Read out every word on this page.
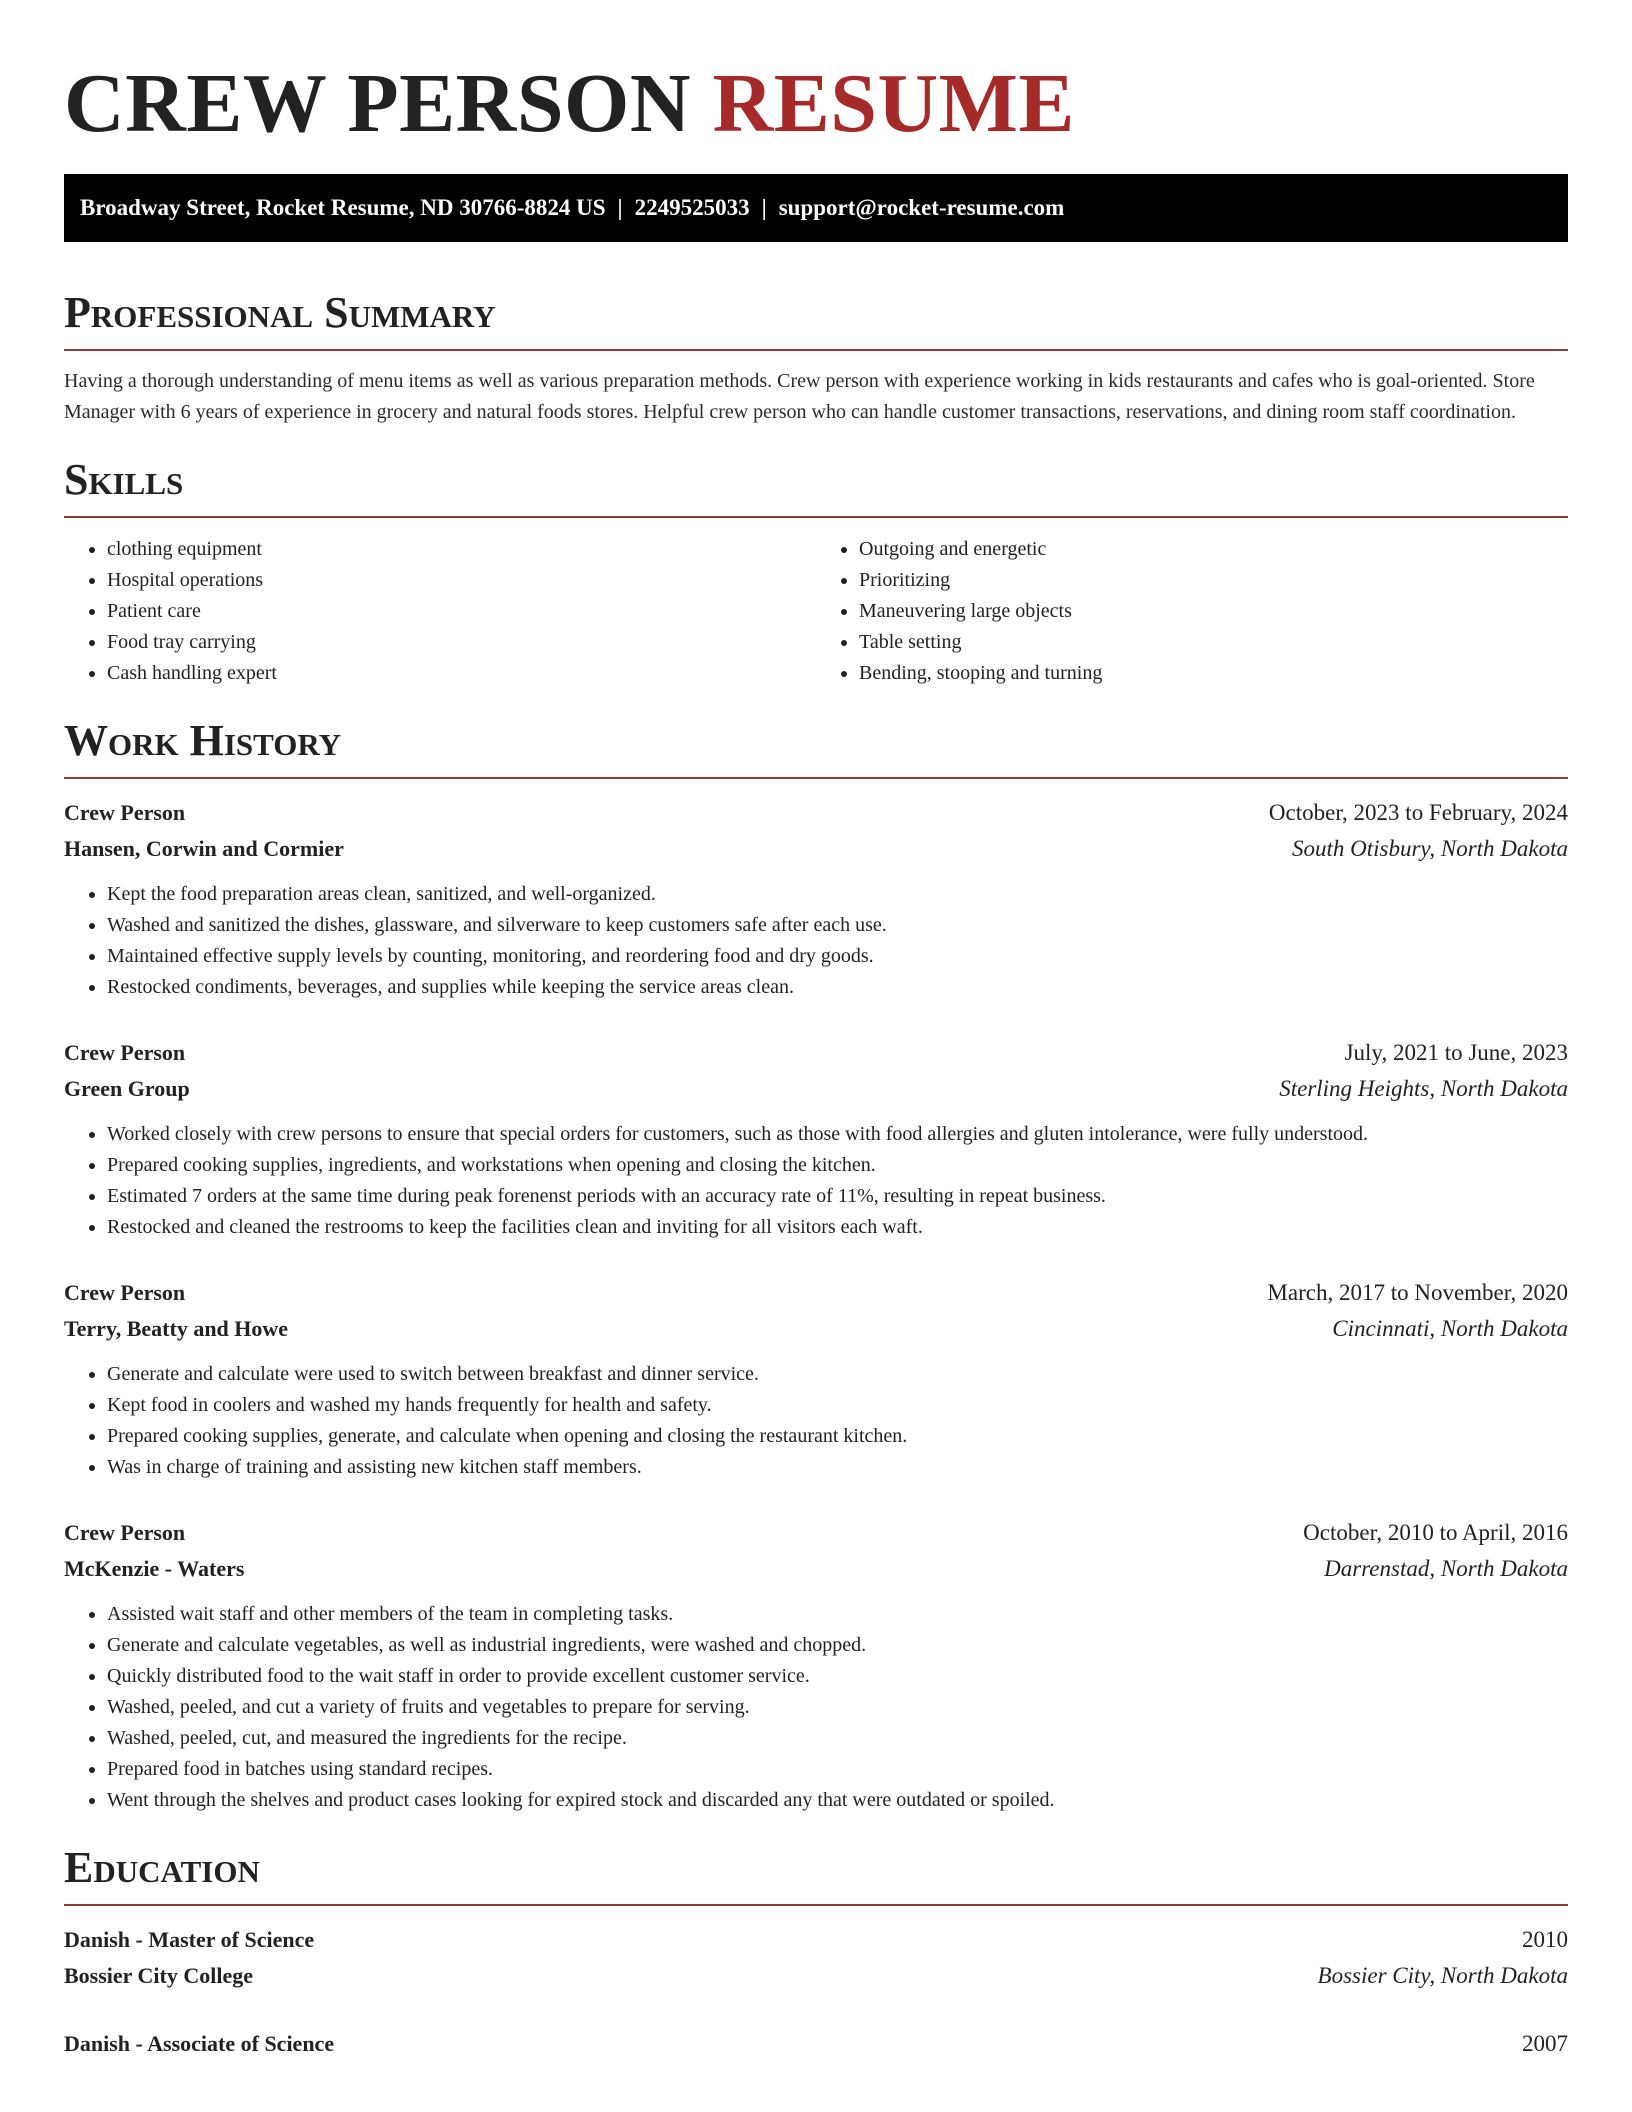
CREW PERSON RESUME
Broadway Street, Rocket Resume, ND 30766-8824 US | 2249525033 | support@rocket-resume.com
Professional Summary
Having a thorough understanding of menu items as well as various preparation methods. Crew person with experience working in kids restaurants and cafes who is goal-oriented. Store Manager with 6 years of experience in grocery and natural foods stores. Helpful crew person who can handle customer transactions, reservations, and dining room staff coordination.
Skills
• clothing equipment
• Hospital operations
• Patient care
• Food tray carrying
• Cash handling expert
• Outgoing and energetic
• Prioritizing
• Maneuvering large objects
• Table setting
• Bending, stooping and turning
Work History
Crew Person	October, 2023 to February, 2024
Hansen, Corwin and Cormier	South Otisbury, North Dakota
• Kept the food preparation areas clean, sanitized, and well-organized.
• Washed and sanitized the dishes, glassware, and silverware to keep customers safe after each use.
• Maintained effective supply levels by counting, monitoring, and reordering food and dry goods.
• Restocked condiments, beverages, and supplies while keeping the service areas clean.
Crew Person	July, 2021 to June, 2023
Green Group	Sterling Heights, North Dakota
• Worked closely with crew persons to ensure that special orders for customers, such as those with food allergies and gluten intolerance, were fully understood.
• Prepared cooking supplies, ingredients, and workstations when opening and closing the kitchen.
• Estimated 7 orders at the same time during peak forenenst periods with an accuracy rate of 11%, resulting in repeat business.
• Restocked and cleaned the restrooms to keep the facilities clean and inviting for all visitors each waft.
Crew Person	March, 2017 to November, 2020
Terry, Beatty and Howe	Cincinnati, North Dakota
• Generate and calculate were used to switch between breakfast and dinner service.
• Kept food in coolers and washed my hands frequently for health and safety.
• Prepared cooking supplies, generate, and calculate when opening and closing the restaurant kitchen.
• Was in charge of training and assisting new kitchen staff members.
Crew Person	October, 2010 to April, 2016
McKenzie - Waters	Darrenstad, North Dakota
• Assisted wait staff and other members of the team in completing tasks.
• Generate and calculate vegetables, as well as industrial ingredients, were washed and chopped.
• Quickly distributed food to the wait staff in order to provide excellent customer service.
• Washed, peeled, and cut a variety of fruits and vegetables to prepare for serving.
• Washed, peeled, cut, and measured the ingredients for the recipe.
• Prepared food in batches using standard recipes.
• Went through the shelves and product cases looking for expired stock and discarded any that were outdated or spoiled.
Education
Danish - Master of Science	2010
Bossier City College	Bossier City, North Dakota
Danish - Associate of Science	2007
